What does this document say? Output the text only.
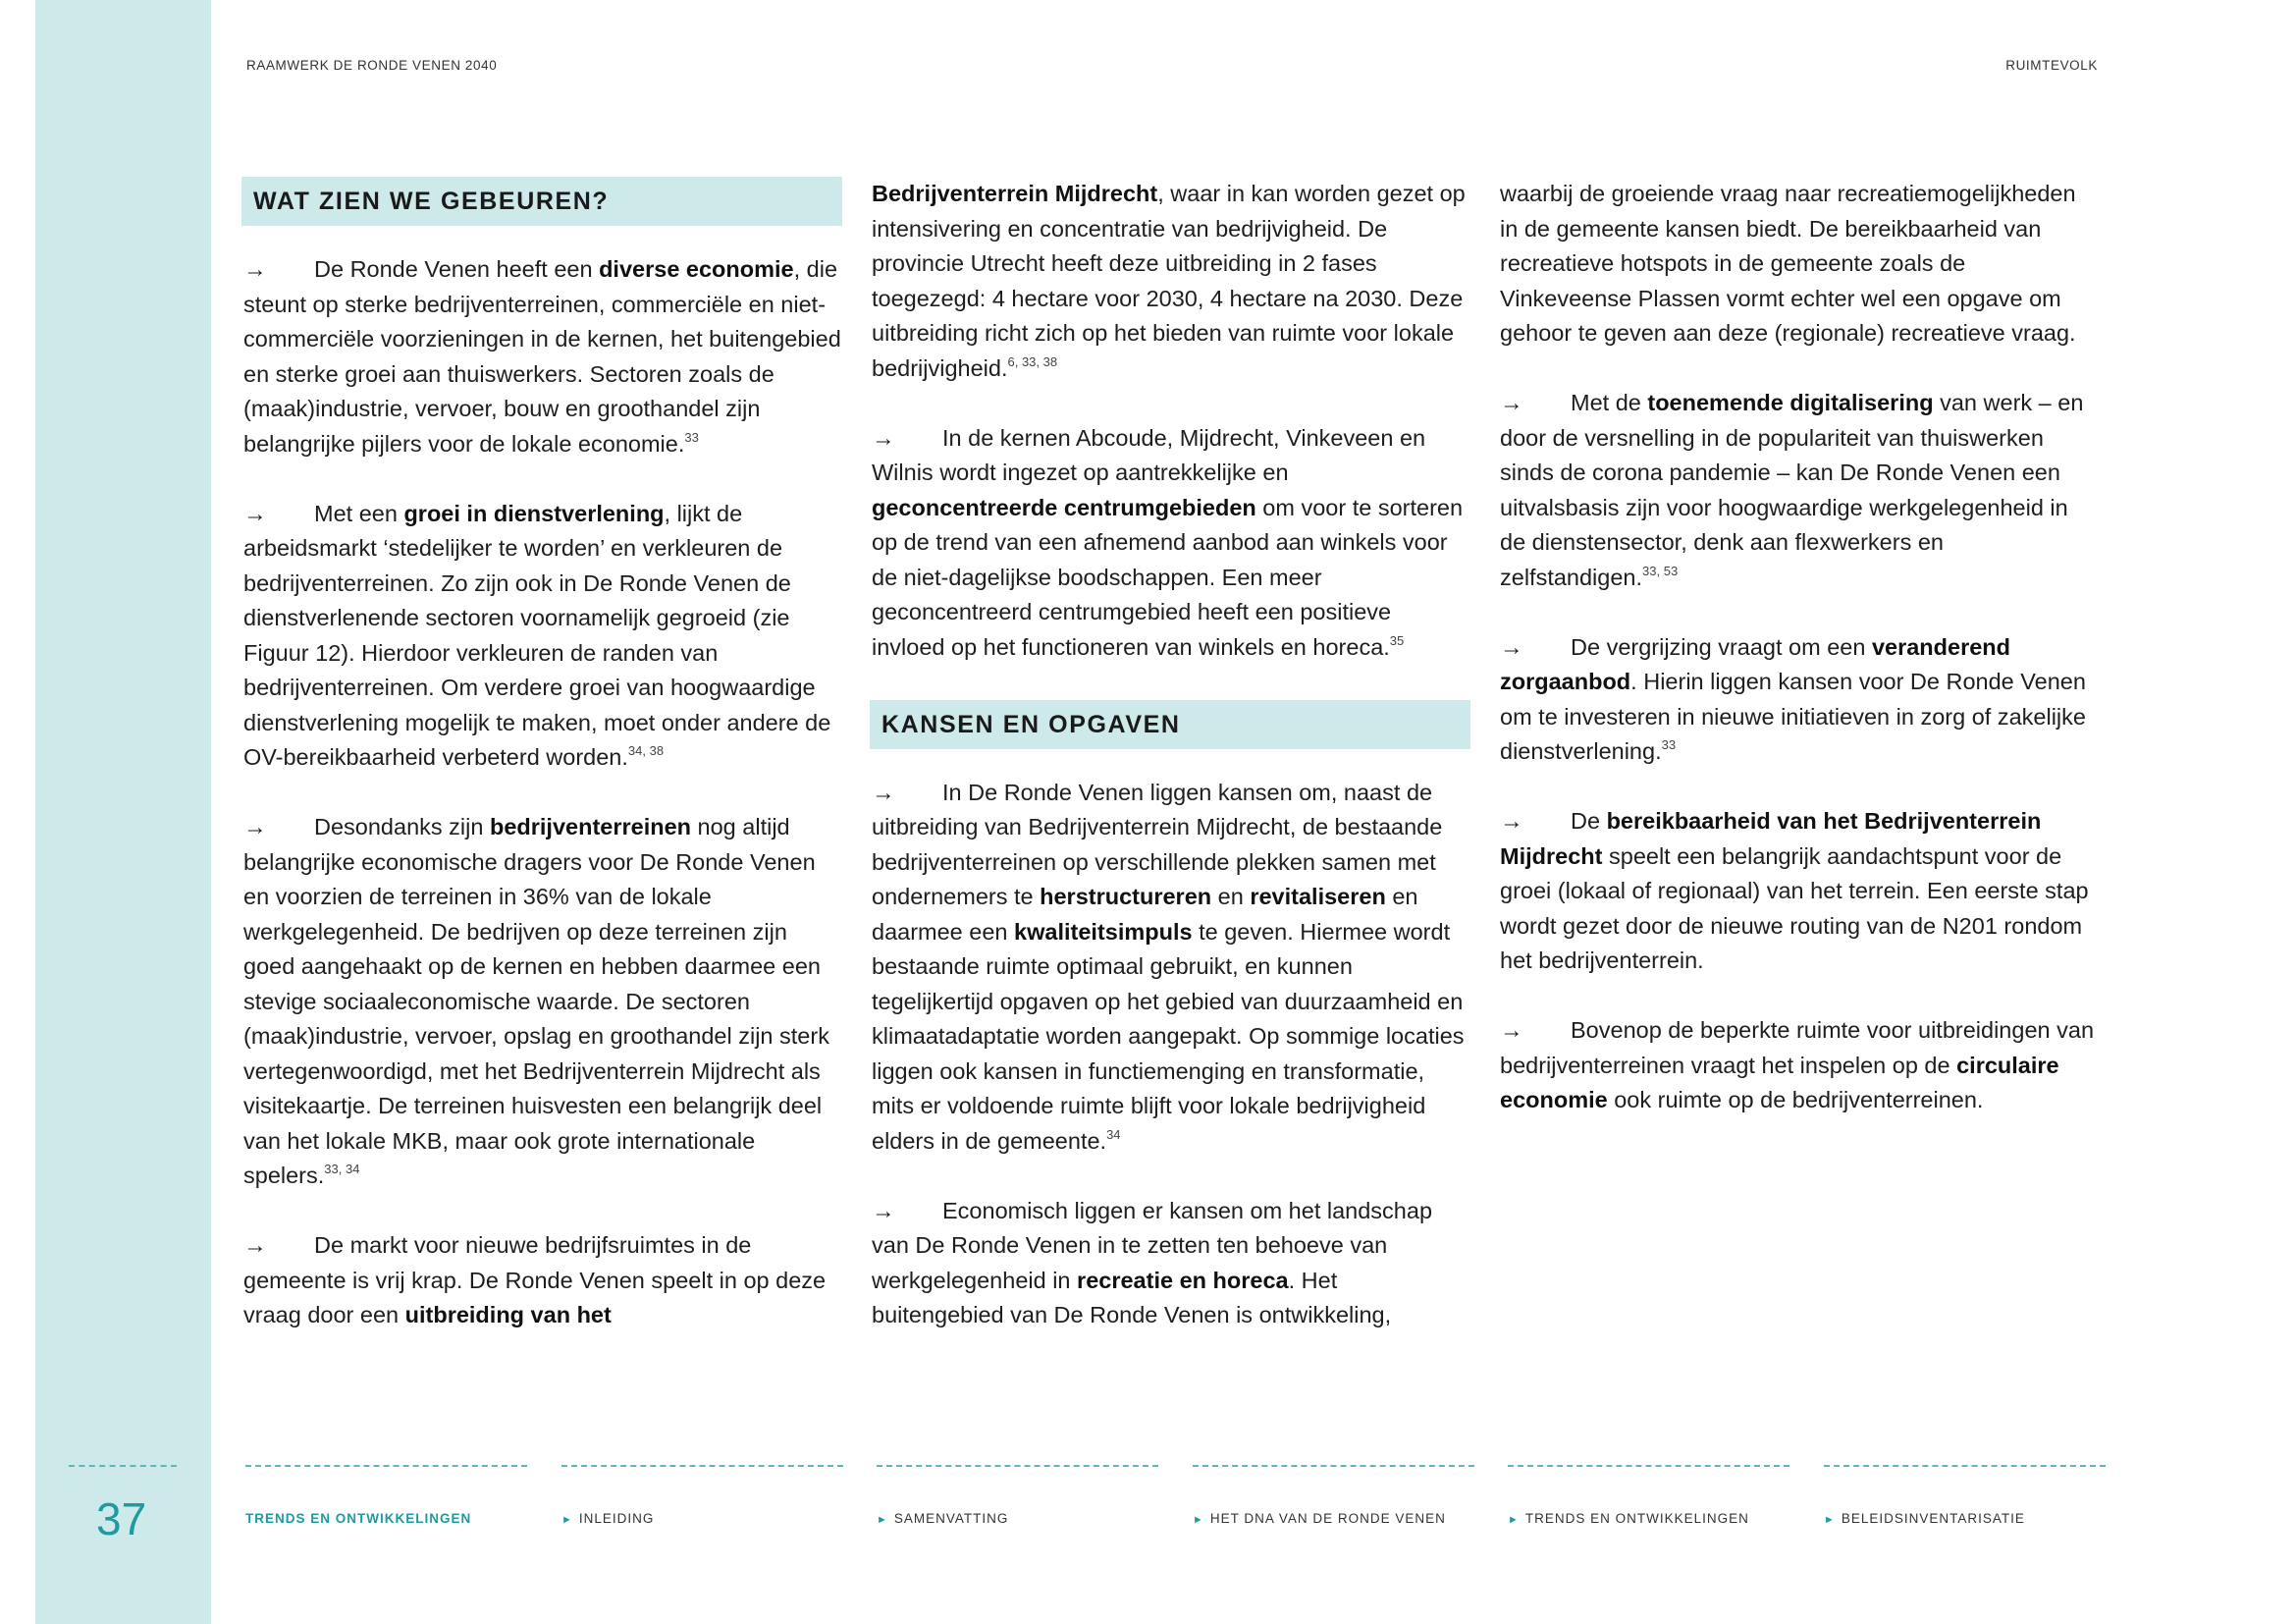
RAAMWERK DE RONDE VENEN 2040	RUIMTEVOLK
WAT ZIEN WE GEBEUREN?

→ De Ronde Venen heeft een diverse economie, die steunt op sterke bedrijventerreinen, commerciële en niet-commerciële voorzieningen in de kernen, het buitengebied en sterke groei aan thuiswerkers. Sectoren zoals de (maak)industrie, vervoer, bouw en groothandel zijn belangrijke pijlers voor de lokale economie.$^{33}$

→ Met een groei in dienstverlening, lijkt de arbeidsmarkt ‘stedelijker te worden’ en verkleuren de bedrijventerreinen. Zo zijn ook in De Ronde Venen de dienstverlenende sectoren voornamelijk gegroeid (zie Figuur 12). Hierdoor verkleuren de randen van bedrijventerreinen. Om verdere groei van hoogwaardige dienstverlening mogelijk te maken, moet onder andere de OV-bereikbaarheid verbeterd worden.$^{34, 38}$

→ Desondanks zijn bedrijventerreinen nog altijd belangrijke economische dragers voor De Ronde Venen en voorzien de terreinen in 36% van de lokale werkgelegenheid. De bedrijven op deze terreinen zijn goed aangehaakt op de kernen en hebben daarmee een stevige sociaaleconomische waarde. De sectoren (maak)industrie, vervoer, opslag en groothandel zijn sterk vertegenwoordigd, met het Bedrijventerrein Mijdrecht als visitekaartje. De terreinen huisvesten een belangrijk deel van het lokale MKB, maar ook grote internationale spelers.$^{33, 34}$

→ De markt voor nieuwe bedrijfsruimtes in de gemeente is vrij krap. De Ronde Venen speelt in op deze vraag door een uitbreiding van het

Bedrijventerrein Mijdrecht, waar in kan worden gezet op intensivering en concentratie van bedrijvigheid. De provincie Utrecht heeft deze uitbreiding in 2 fases toegezegd: 4 hectare voor 2030, 4 hectare na 2030. Deze uitbreiding richt zich op het bieden van ruimte voor lokale bedrijvigheid.$^{6, 33, 38}$

→ In de kernen Abcoude, Mijdrecht, Vinkeveen en Wilnis wordt ingezet op aantrekkelijke en geconcentreerde centrumgebieden om voor te sorteren op de trend van een afnemend aanbod aan winkels voor de niet-dagelijkse boodschappen. Een meer geconcentreerd centrumgebied heeft een positieve invloed op het functioneren van winkels en horeca.$^{35}$

KANSEN EN OPGAVEN

→ In De Ronde Venen liggen kansen om, naast de uitbreiding van Bedrijventerrein Mijdrecht, de bestaande bedrijventerreinen op verschillende plekken samen met ondernemers te herstructureren en revitaliseren en daarmee een kwaliteitsimpuls te geven. Hiermee wordt bestaande ruimte optimaal gebruikt, en kunnen tegelijkertijd opgaven op het gebied van duurzaamheid en klimaatadaptatie worden aangepakt. Op sommige locaties liggen ook kansen in functiemenging en transformatie, mits er voldoende ruimte blijft voor lokale bedrijvigheid elders in de gemeente.$^{34}$

→ Economisch liggen er kansen om het landschap van De Ronde Venen in te zetten ten behoeve van werkgelegenheid in recreatie en horeca. Het buitengebied van De Ronde Venen is ontwikkeling,

waarbij de groeiende vraag naar recreatiemogelijkheden in de gemeente kansen biedt. De bereikbaarheid van recreatieve hotspots in de gemeente zoals de Vinkeveense Plassen vormt echter wel een opgave om gehoor te geven aan deze (regionale) recreatieve vraag.

→ Met de toenemende digitalisering van werk – en door de versnelling in de populariteit van thuiswerken sinds de corona pandemie – kan De Ronde Venen een uitvalsbasis zijn voor hoogwaardige werkgelegenheid in de dienstensector, denk aan flexwerkers en zelfstandigen.$^{33, 53}$

→ De vergrijzing vraagt om een veranderend zorgaanbod. Hierin liggen kansen voor De Ronde Venen om te investeren in nieuwe initiatieven in zorg of zakelijke dienstverlening.$^{33}$

→ De bereikbaarheid van het Bedrijventerrein Mijdrecht speelt een belangrijk aandachtspunt voor de groei (lokaal of regionaal) van het terrein. Een eerste stap wordt gezet door de nieuwe routing van de N201 rondom het bedrijventerrein.

→ Bovenop de beperkte ruimte voor uitbreidingen van bedrijventerreinen vraagt het inspelen op de circulaire economie ook ruimte op de bedrijventerreinen.

37	TRENDS EN ONTWIKKELINGEN	► INLEIDING	► SAMENVATTING	► HET DNA VAN DE RONDE VENEN	► TRENDS EN ONTWIKKELINGEN	► BELEIDSINVENTARISATIE
